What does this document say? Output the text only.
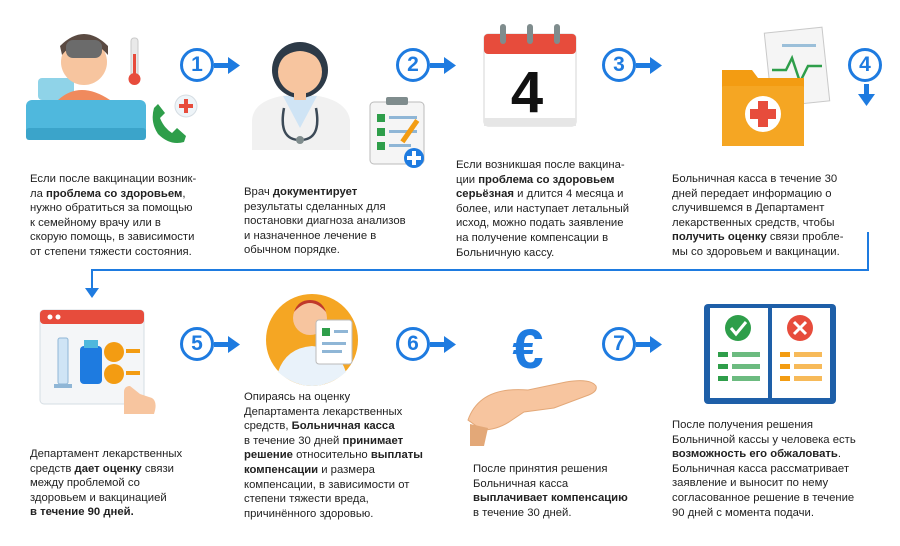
4
€
1	2	3	4
5	6	7
Если после вакцинации возник-
ла проблема со здоровьем,
нужно обратиться за помощью
к семейному врачу или в
скорую помощь, в зависимости
от степени тяжести состояния.
Врач документирует
результаты сделанных для
постановки диагноза анализов
и назначенное лечение в
обычном порядке.
Если возникшая после вакцина-
ции проблема со здоровьем
серьёзная и длится 4 месяца и
более, или наступает летальный
исход, можно подать заявление
на получение компенсации в
Больничную кассу.
Больничная касса в течение 30
дней передает информацию о
случившемся в Департамент
лекарственных средств, чтобы
получить оценку связи пробле-
мы со здоровьем и вакцинации.
Департамент лекарственных
средств дает оценку связи
между проблемой со
здоровьем и вакцинацией
в течение 90 дней.
Опираясь на оценку
Департамента лекарственных
средств, Больничная касса
в течение 30 дней принимает
решение относительно выплаты
компенсации и размера
компенсации, в зависимости от
степени тяжести вреда,
причинённого здоровью.
После принятия решения
Больничная касса
выплачивает компенсацию
в течение 30 дней.
После получения решения
Больничной кассы у человека есть
возможность его обжаловать.
Больничная касса рассматривает
заявление и выносит по нему
согласованное решение в течение
90 дней с момента подачи.
